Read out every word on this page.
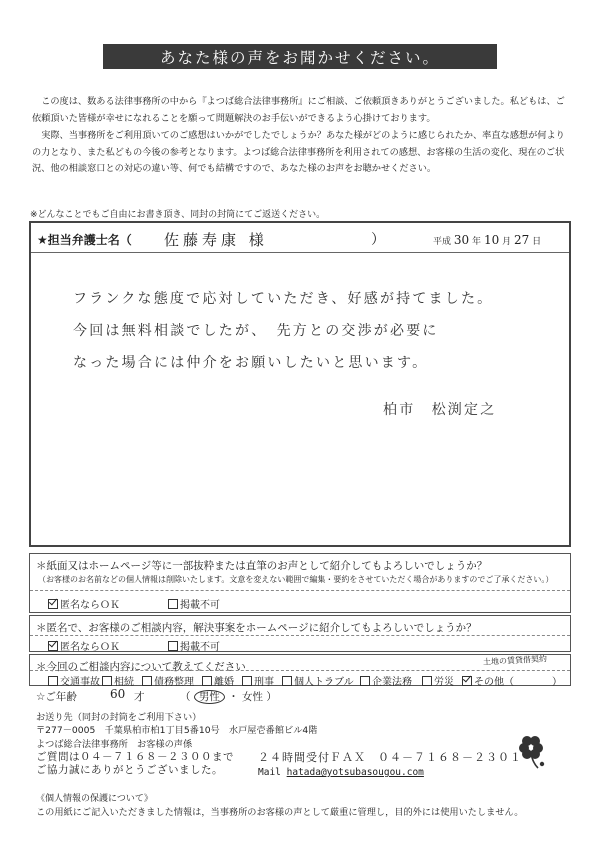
あなた様の声をお聞かせください。

この度は、数ある法律事務所の中から『よつば総合法律事務所』にご相談、ご依頼頂きありがとうございました。私どもは、ご依頼頂いた皆様が幸せになれることを願って問題解決のお手伝いができるよう心掛けております。

実際、当事務所をご利用頂いてのご感想はいかがでしたでしょうか？あなた様がどのように感じられたか、率直な感想が何よりの力となり、また私どもの今後の参考となります。よつば総合法律事務所を利用されての感想、お客様の生活の変化、現在のご状況、他の相談窓口との対応の違い等、何でも結構ですので、あなた様のお声をお聴かせください。

※どんなことでもご自由にお書き頂き、同封の封筒にてご返送ください。
★担当弁護士名（ 佐藤寿康 様	）	平成 30 年 10 月 27 日
フランクな態度で応対していただき、好感が持てました。
今回は無料相談でしたが、　先方との交渉が必要に
なった場合には仲介をお願いしたいと思います。
柏市　松渕定之
＊紙面又はホームページ等に一部抜粋または直筆のお声として紹介してもよろしいでしょうか？
（お客様のお名前などの個人情報は削除いたします。文意を変えない範囲で編集・要約をさせていただく場合がありますのでご了承ください。）
匿名ならＯＫ	掲載不可
＊匿名で、お客様のご相談内容，解決事案をホームページに紹介してもよろしいでしょうか？
匿名ならＯＫ	掲載不可
＊今回のご相談内容について教えてください
交通事故 相続 債務整理 離婚 刑事 個人トラブル 企業法務 労災 その他（	）
土地の賃貸借契約
☆ご年齢	60 才	（ 男性 ・ 女性 ）
お送り先（同封の封筒をご利用下さい）
〒277－0005　千葉県柏市柏1丁目5番10号　水戸屋壱番館ビル4階
よつば総合法律事務所　お客様の声係
ご質問は０４－７１６８－２３００まで
ご協力誠にありがとうございました。
２４時間受付ＦＡＸ　０４－７１６８－２３０１
Mail hatada@yotsubasougou.com
《個人情報の保護について》
この用紙にご記入いただきました情報は，当事務所のお客様の声として厳重に管理し，目的外には使用いたしません。
